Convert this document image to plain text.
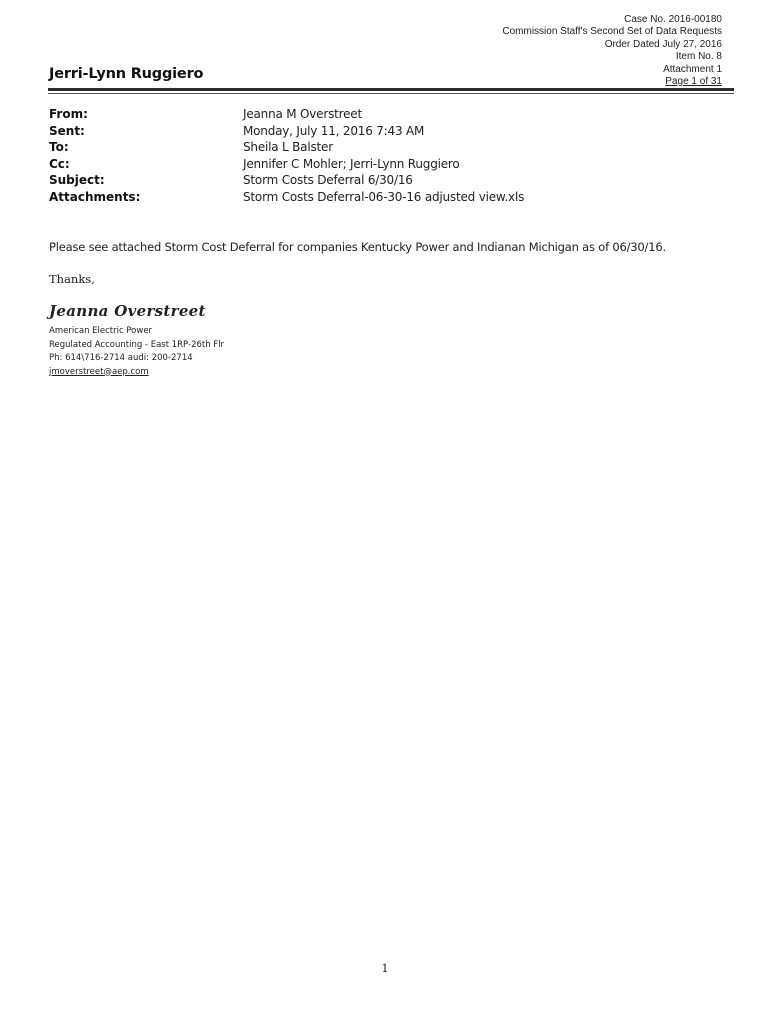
Case No. 2016-00180
Commission Staff's Second Set of Data Requests
Order Dated July 27, 2016
Item No. 8
Attachment 1
Page 1 of 31
Jerri-Lynn Ruggiero
From:	Jeanna M Overstreet
Sent:	Monday, July 11, 2016 7:43 AM
To:	Sheila L Balster
Cc:	Jennifer C Mohler; Jerri-Lynn Ruggiero
Subject:	Storm Costs Deferral 6/30/16
Attachments:	Storm Costs Deferral-06-30-16 adjusted view.xls
Please see attached Storm Cost Deferral for companies Kentucky Power and Indianan Michigan as of 06/30/16.
Thanks,
Jeanna Overstreet
American Electric Power
Regulated Accounting - East 1RP-26th Flr
Ph: 614\716-2714 audi: 200-2714
jmoverstreet@aep.com
1
